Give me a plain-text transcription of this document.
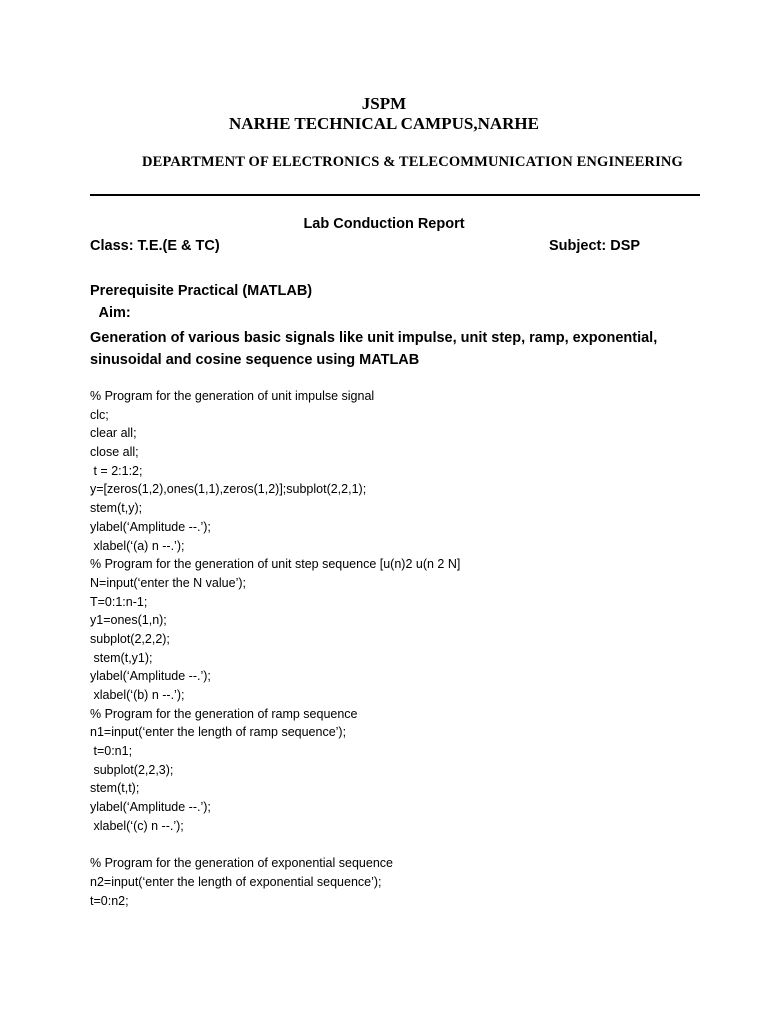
JSPM
NARHE TECHNICAL CAMPUS,NARHE
DEPARTMENT OF ELECTRONICS & TELECOMMUNICATION ENGINEERING
Lab Conduction Report
Class: T.E.(E & TC)	Subject: DSP
Prerequisite Practical (MATLAB)
Aim:
Generation of various basic signals like unit impulse, unit step, ramp, exponential,
sinusoidal and cosine sequence using MATLAB
% Program for the generation of unit impulse signal
clc;
clear all;
close all;
t = 2:1:2;
y=[zeros(1,2),ones(1,1),zeros(1,2)];subplot(2,2,1);
stem(t,y);
ylabel(‘Amplitude --.’);
xlabel(‘(a) n --.’);
% Program for the generation of unit step sequence [u(n)2 u(n 2 N]
N=input(‘enter the N value’);
T=0:1:n-1;
y1=ones(1,n);
subplot(2,2,2);
stem(t,y1);
ylabel(‘Amplitude --.’);
xlabel(‘(b) n --.’);
% Program for the generation of ramp sequence
n1=input(‘enter the length of ramp sequence’);
t=0:n1;
subplot(2,2,3);
stem(t,t);
ylabel(‘Amplitude --.’);
xlabel(‘(c) n --.’);
% Program for the generation of exponential sequence
n2=input(‘enter the length of exponential sequence’);
t=0:n2;
